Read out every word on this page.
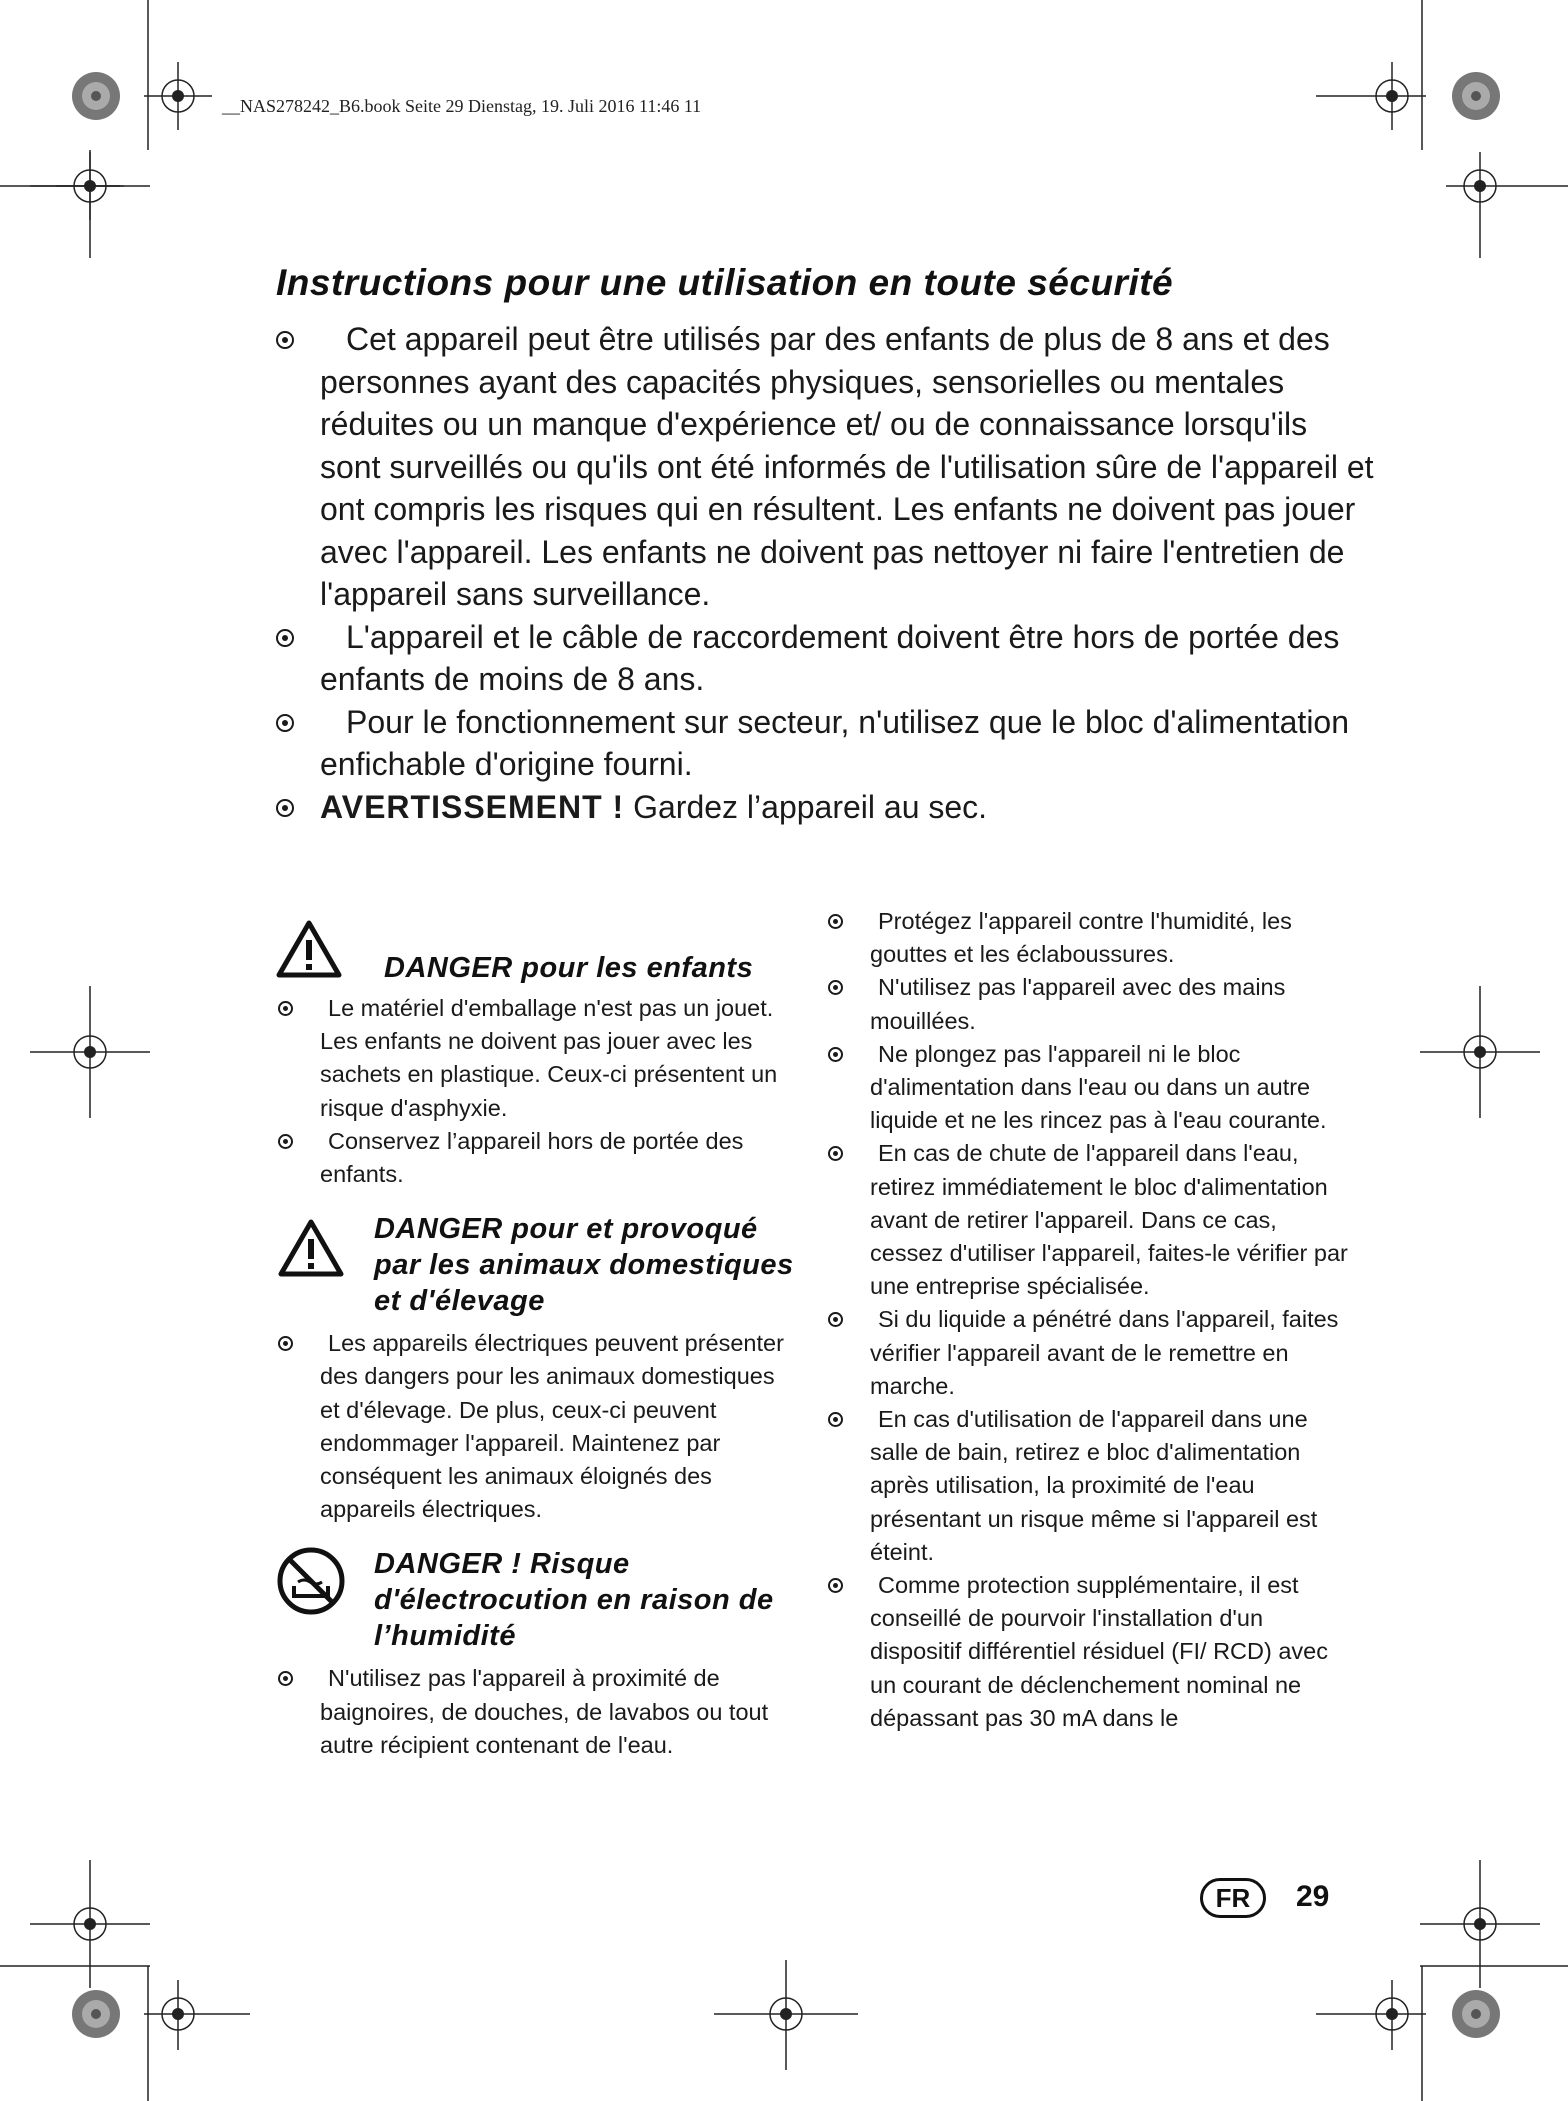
__NAS278242_B6.book Seite 29 Dienstag, 19. Juli 2016 11:46 11
Instructions pour une utilisation en toute sécurité
Cet appareil peut être utilisés par des enfants de plus de 8 ans et des personnes ayant des capacités physiques, sensorielles ou mentales réduites ou un manque d'expérience et/ ou de connaissance lorsqu'ils sont surveillés ou qu'ils ont été informés de l'utilisation sûre de l'appareil et ont compris les risques qui en résultent. Les enfants ne doivent pas jouer avec l'appareil. Les enfants ne doivent pas nettoyer ni faire l'entretien de l'appareil sans surveillance.
L'appareil et le câble de raccordement doivent être hors de portée des enfants de moins de 8 ans.
Pour le fonctionnement sur secteur, n'utilisez que le bloc d'alimentation enfichable d'origine fourni.
AVERTISSEMENT ! Gardez l’appareil au sec.
DANGER pour les enfants
Le matériel d'emballage n'est pas un jouet. Les enfants ne doivent pas jouer avec les sachets en plastique. Ceux-ci présentent un risque d'asphyxie.
Conservez l’appareil hors de portée des enfants.
DANGER pour et provoqué par les animaux domestiques et d'élevage
Les appareils électriques peuvent présenter des dangers pour les animaux domestiques et d'élevage. De plus, ceux-ci peuvent endommager l'appareil. Maintenez par conséquent les animaux éloignés des appareils électriques.
DANGER ! Risque d'électrocution en raison de l’humidité
N'utilisez pas l'appareil à proximité de baignoires, de douches, de lavabos ou tout autre récipient contenant de l'eau.
Protégez l'appareil contre l'humidité, les gouttes et les éclaboussures.
N'utilisez pas l'appareil avec des mains mouillées.
Ne plongez pas l'appareil ni le bloc d'alimentation dans l'eau ou dans un autre liquide et ne les rincez pas à l'eau courante.
En cas de chute de l'appareil dans l'eau, retirez immédiatement le bloc d'alimentation avant de retirer l'appareil. Dans ce cas, cessez d'utiliser l'appareil, faites-le vérifier par une entreprise spécialisée.
Si du liquide a pénétré dans l'appareil, faites vérifier l'appareil avant de le remettre en marche.
En cas d'utilisation de l'appareil dans une salle de bain, retirez e bloc d'alimentation après utilisation, la proximité de l'eau présentant un risque même si l'appareil est éteint.
Comme protection supplémentaire, il est conseillé de pourvoir l'installation d'un dispositif différentiel résiduel (FI/ RCD) avec un courant de déclenchement nominal ne dépassant pas 30 mA dans le
FR	29
